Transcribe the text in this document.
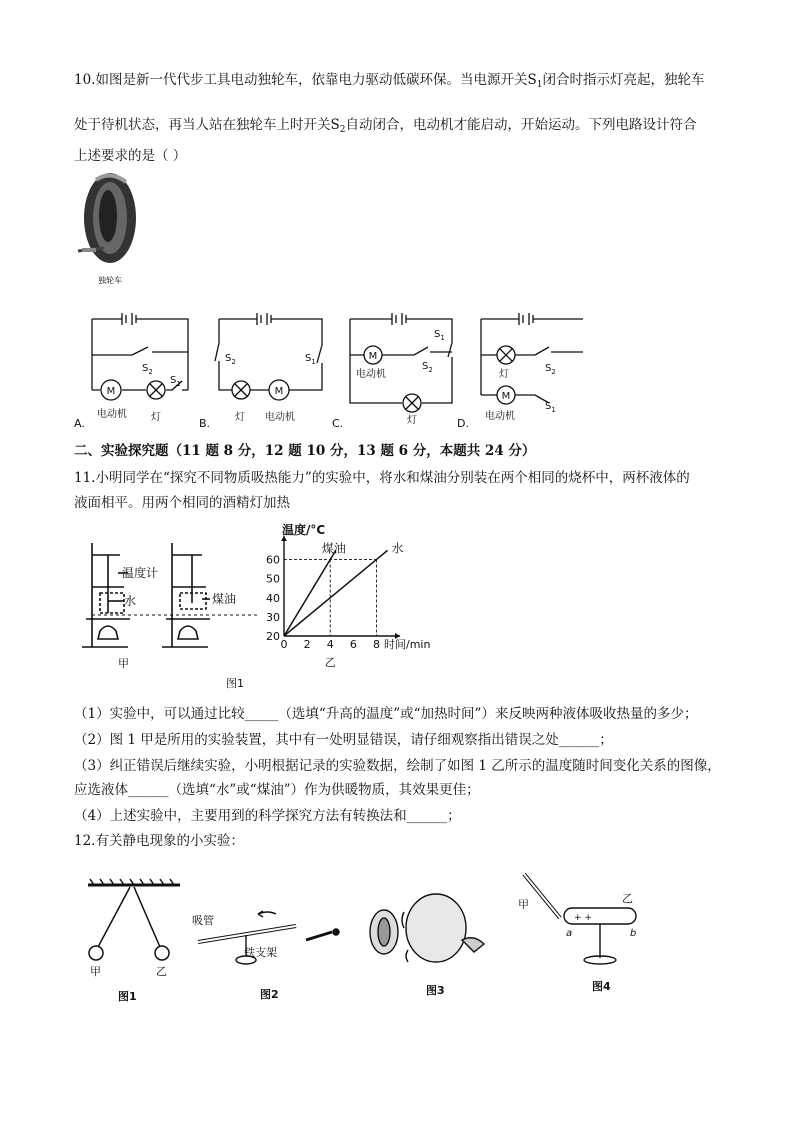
10.如图是新一代代步工具电动独轮车，依靠电力驱动低碳环保。当电源开关$S_1$闭合时指示灯亮起，独轮车
处于待机状态，再当人站在独轮车上时开关$S_2$自动闭合，电动机才能启动，开始运动。下列电路设计符合
上述要求的是（ ）
独轮车
M
$S_2$
$S_1$
A.
电动机 灯
M
$S_2$	$S_1$
B. 灯 电动机
M
$S_1$
$S_2$
C.
电动机
灯
M
$S_2$
$S_1$
D.
灯
电动机
二、实验探究题（11 题 8 分，12 题 10 分，13 题 6 分，本题共 24 分）
11.小明同学在“探究不同物质吸热能力”的实验中，将水和煤油分别装在两个相同的烧杯中，两杯液体的
液面相平。用两个相同的酒精灯加热
温度计
水	煤油
甲
图1
0 2 4 6 8
20
30
40
50
60
煤油	水
温度/°C
时间/min
乙
（1）实验中，可以通过比较_____（选填“升高的温度”或“加热时间”）来反映两种液体吸收热量的多少；
（2）图 1 甲是所用的实验装置，其中有一处明显错误，请仔细观察指出错误之处______；
（3）纠正错误后继续实验，小明根据记录的实验数据，绘制了如图 1 乙所示的温度随时间变化关系的图像，
应选液体______（选填“水”或“煤油”）作为供暖物质，其效果更佳；
（4）上述实验中，主要用到的科学探究方法有转换法和______；
12.有关静电现象的小实验：
甲	乙
图1
吸管
铁支架
图2	图3
+ +
甲	乙
a	b
图4
